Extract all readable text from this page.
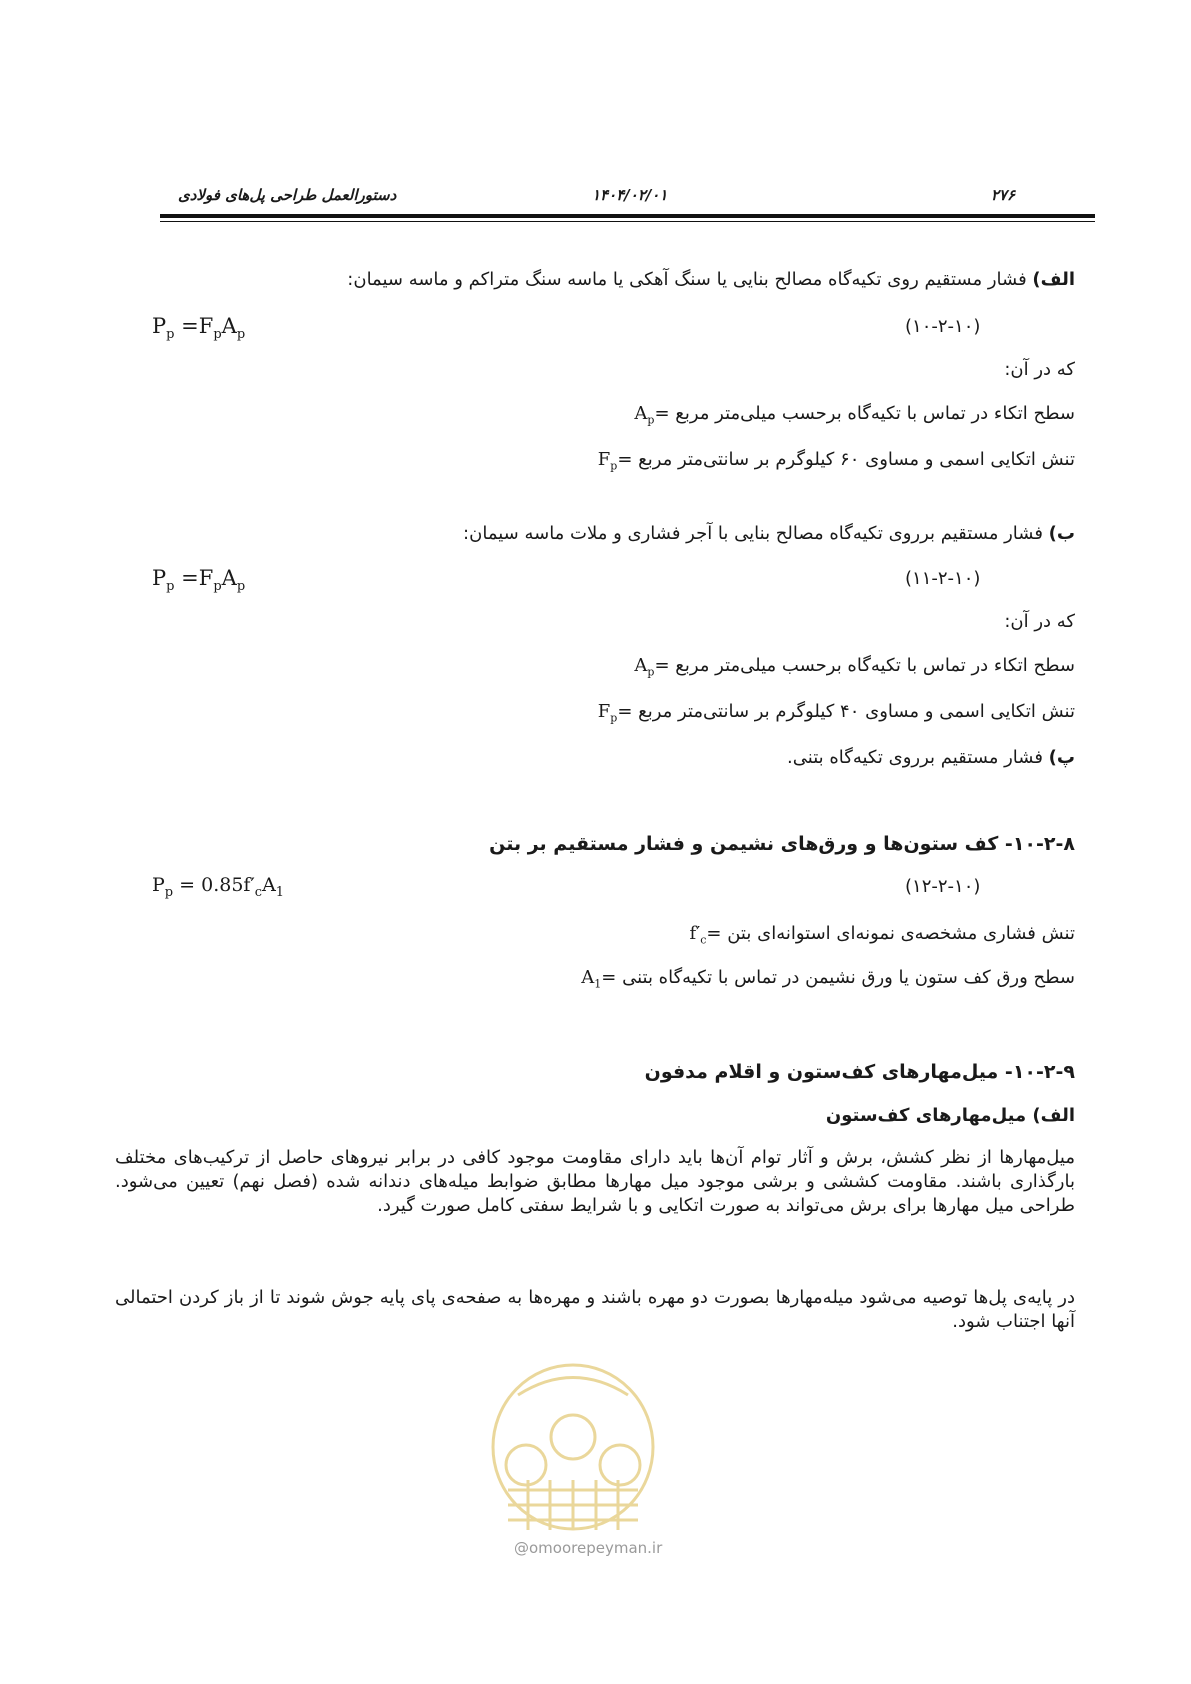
۲۷۶
۱۴۰۴/۰۲/۰۱
دستورالعمل طراحی پل‌های فولادی
الف) فشار مستقیم روی تکیه‌گاه مصالح بنایی یا سنگ آهکی یا ماسه سنگ متراکم و ماسه سیمان:
$P_p =F_pA_p$	(۱۰-۲-۱۰)
که در آن:
$A_p=$ سطح اتکاء در تماس با تکیه‌گاه برحسب میلی‌متر مربع
$F_p=$ تنش اتکایی اسمی و مساوی ۶۰ کیلوگرم بر سانتی‌متر مربع
ب) فشار مستقیم برروی تکیه‌گاه مصالح بنایی با آجر فشاری و ملات ماسه سیمان:
$P_p =F_pA_p$	(۱۱-۲-۱۰)
که در آن:
$A_p=$ سطح اتکاء در تماس با تکیه‌گاه برحسب میلی‌متر مربع
$F_p=$ تنش اتکایی اسمی و مساوی ۴۰ کیلوگرم بر سانتی‌متر مربع
پ) فشار مستقیم برروی تکیه‌گاه بتنی.
۱۰-۲-۸- کف ستون‌ها و ورق‌های نشیمن و فشار مستقیم بر بتن
$P_p = 0.85f'_cA_1$	(۱۲-۲-۱۰)
$f'_c=$ تنش فشاری مشخصه‌ی نمونه‌ای استوانه‌ای بتن
$A_1=$ سطح ورق کف ستون یا ورق نشیمن در تماس با تکیه‌گاه بتنی
۱۰-۲-۹- میل‌مهارهای کف‌ستون و اقلام مدفون
الف) میل‌مهارهای کف‌ستون
میل‌مهارها از نظر کشش، برش و آثار توام آن‌ها باید دارای مقاومت موجود کافی در برابر نیروهای حاصل از ترکیب‌های مختلف بارگذاری باشند. مقاومت کششی و برشی موجود میل مهارها مطابق ضوابط میله‌های دندانه شده (فصل نهم) تعیین می‌شود. طراحی میل مهارها برای برش می‌تواند به صورت اتکایی و با شرایط سفتی کامل صورت گیرد.
در پایه‌ی پل‌ها توصیه می‌شود میله‌مهارها بصورت دو مهره باشند و مهره‌ها به صفحه‌ی پای پایه جوش شوند تا از باز کردن احتمالی آنها اجتناب شود.
@omoorepeyman.ir
